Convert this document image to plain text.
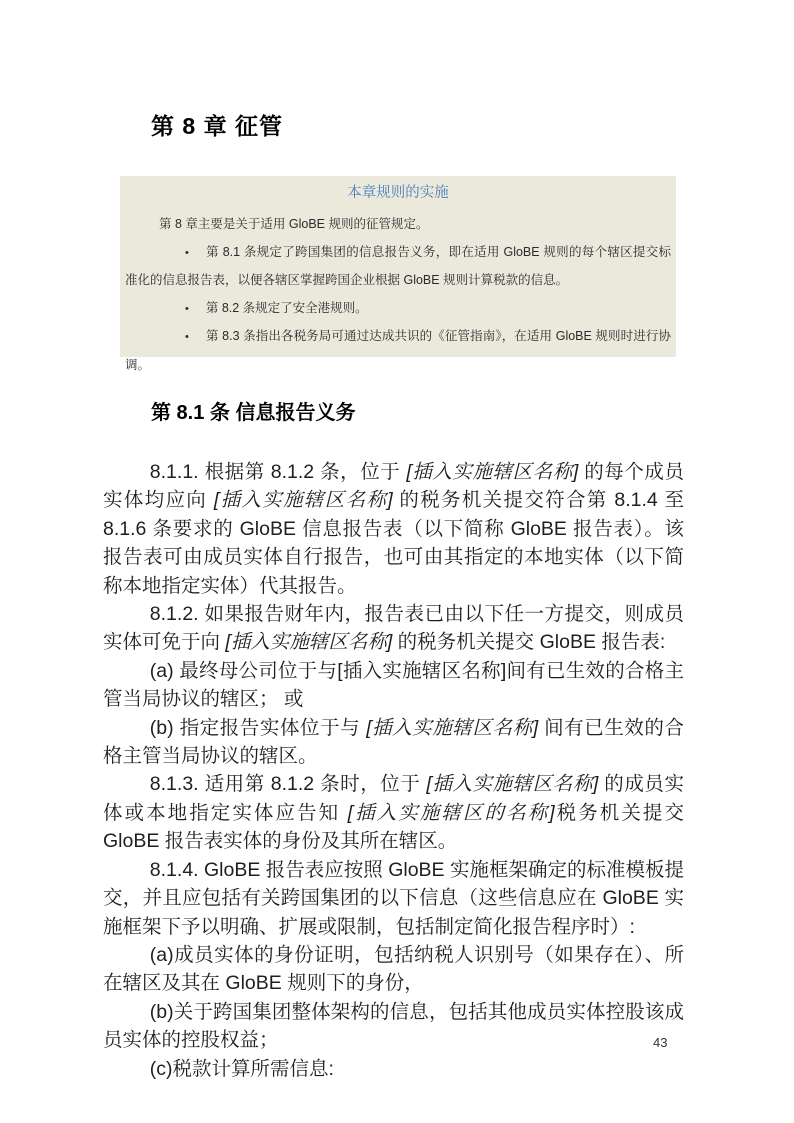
第 8 章 征管
本章规则的实施

第 8 章主要是关于适用 GloBE 规则的征管规定。

• 第 8.1 条规定了跨国集团的信息报告义务，即在适用 GloBE 规则的每个辖区提交标准化的信息报告表，以便各辖区掌握跨国企业根据 GloBE 规则计算税款的信息。

• 第 8.2 条规定了安全港规则。

• 第 8.3 条指出各税务局可通过达成共识的《征管指南》，在适用 GloBE 规则时进行协调。

第 8.1 条 信息报告义务

8.1.1. 根据第 8.1.2 条，位于 [插入实施辖区名称] 的每个成员实体均应向 [插入实施辖区名称] 的税务机关提交符合第 8.1.4 至 8.1.6 条要求的 GloBE 信息报告表（以下简称 GloBE 报告表）。该报告表可由成员实体自行报告，也可由其指定的本地实体（以下简称本地指定实体）代其报告。

8.1.2. 如果报告财年内，报告表已由以下任一方提交，则成员实体可免于向 [插入实施辖区名称] 的税务机关提交 GloBE 报告表:

(a) 最终母公司位于与[插入实施辖区名称]间有已生效的合格主管当局协议的辖区； 或

(b) 指定报告实体位于与 [插入实施辖区名称] 间有已生效的合格主管当局协议的辖区。

8.1.3. 适用第 8.1.2 条时，位于 [插入实施辖区名称] 的成员实体或本地指定实体应告知 [插入实施辖区的名称]税务机关提交 GloBE 报告表实体的身份及其所在辖区。

8.1.4. GloBE 报告表应按照 GloBE 实施框架确定的标准模板提交，并且应包括有关跨国集团的以下信息（这些信息应在 GloBE 实施框架下予以明确、扩展或限制，包括制定简化报告程序时）:

(a)成员实体的身份证明，包括纳税人识别号（如果存在）、所在辖区及其在 GloBE 规则下的身份，

(b)关于跨国集团整体架构的信息，包括其他成员实体控股该成员实体的控股权益；

(c)税款计算所需信息:

43
